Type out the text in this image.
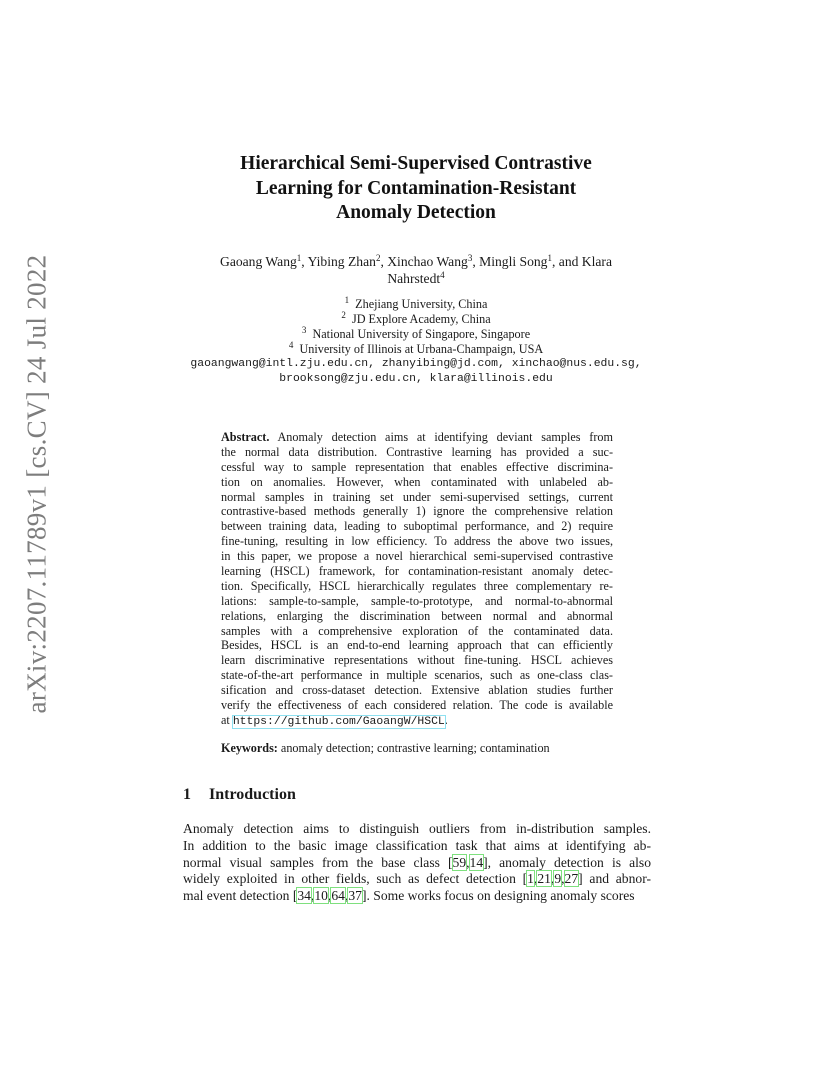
arXiv:2207.11789v1 [cs.CV] 24 Jul 2022
Hierarchical Semi-Supervised Contrastive
Learning for Contamination-Resistant
Anomaly Detection
Gaoang Wang$^1$, Yibing Zhan$^2$, Xinchao Wang$^3$, Mingli Song$^1$, and Klara
Nahrstedt$^4$
$^1$ Zhejiang University, China
$^2$ JD Explore Academy, China
$^3$ National University of Singapore, Singapore
$^4$ University of Illinois at Urbana-Champaign, USA
gaoangwang@intl.zju.edu.cn, zhanyibing@jd.com, xinchao@nus.edu.sg,
brooksong@zju.edu.cn, klara@illinois.edu
Abstract. Anomaly detection aims at identifying deviant samples from
the normal data distribution. Contrastive learning has provided a suc-
cessful way to sample representation that enables effective discrimina-
tion on anomalies. However, when contaminated with unlabeled ab-
normal samples in training set under semi-supervised settings, current
contrastive-based methods generally 1) ignore the comprehensive relation
between training data, leading to suboptimal performance, and 2) require
fine-tuning, resulting in low efficiency. To address the above two issues,
in this paper, we propose a novel hierarchical semi-supervised contrastive
learning (HSCL) framework, for contamination-resistant anomaly detec-
tion. Specifically, HSCL hierarchically regulates three complementary re-
lations: sample-to-sample, sample-to-prototype, and normal-to-abnormal
relations, enlarging the discrimination between normal and abnormal
samples with a comprehensive exploration of the contaminated data.
Besides, HSCL is an end-to-end learning approach that can efficiently
learn discriminative representations without fine-tuning. HSCL achieves
state-of-the-art performance in multiple scenarios, such as one-class clas-
sification and cross-dataset detection. Extensive ablation studies further
verify the effectiveness of each considered relation. The code is available
at https://github.com/GaoangW/HSCL.
Keywords: anomaly detection; contrastive learning; contamination
1 Introduction
Anomaly detection aims to distinguish outliers from in-distribution samples.
In addition to the basic image classification task that aims at identifying ab-
normal visual samples from the base class [59,14], anomaly detection is also
widely exploited in other fields, such as defect detection [1,21,9,27] and abnor-
mal event detection [34,10,64,37]. Some works focus on designing anomaly scores
